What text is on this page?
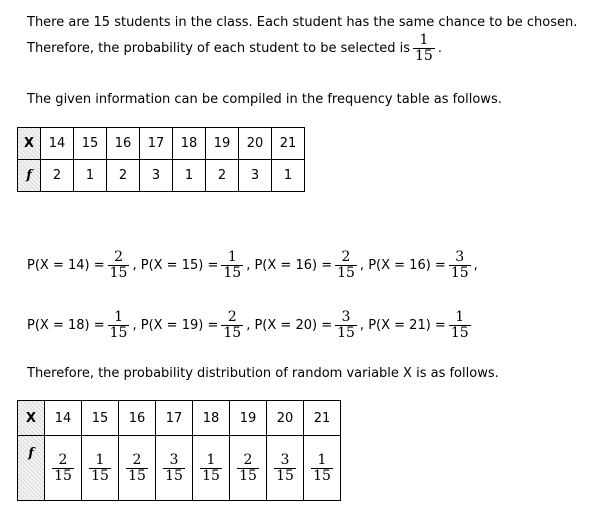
There are 15 students in the class. Each student has the same chance to be chosen.
Therefore, the probability of each student to be selected is $\frac{1}{15}$ .
The given information can be compiled in the frequency table as follows.
X	14	15	16	17	18	19	20	21
f	2	1	2	3	1	2	3	1
$P(X = 14) = \frac{2}{15}$ , $P(X = 15) = \frac{1}{15}$ , $P(X = 16) = \frac{2}{15}$ , $P(X = 16) = \frac{3}{15}$ ,
$P(X = 18) = \frac{1}{15}$ , $P(X = 19) = \frac{2}{15}$ , $P(X = 20) = \frac{3}{15}$ , $P(X = 21) = \frac{1}{15}$
Therefore, the probability distribution of random variable X is as follows.
X	14	15	16	17	18	19	20	21
f	$\frac{2}{15}$	$\frac{1}{15}$	$\frac{2}{15}$	$\frac{3}{15}$	$\frac{1}{15}$	$\frac{2}{15}$	$\frac{3}{15}$	$\frac{1}{15}$
